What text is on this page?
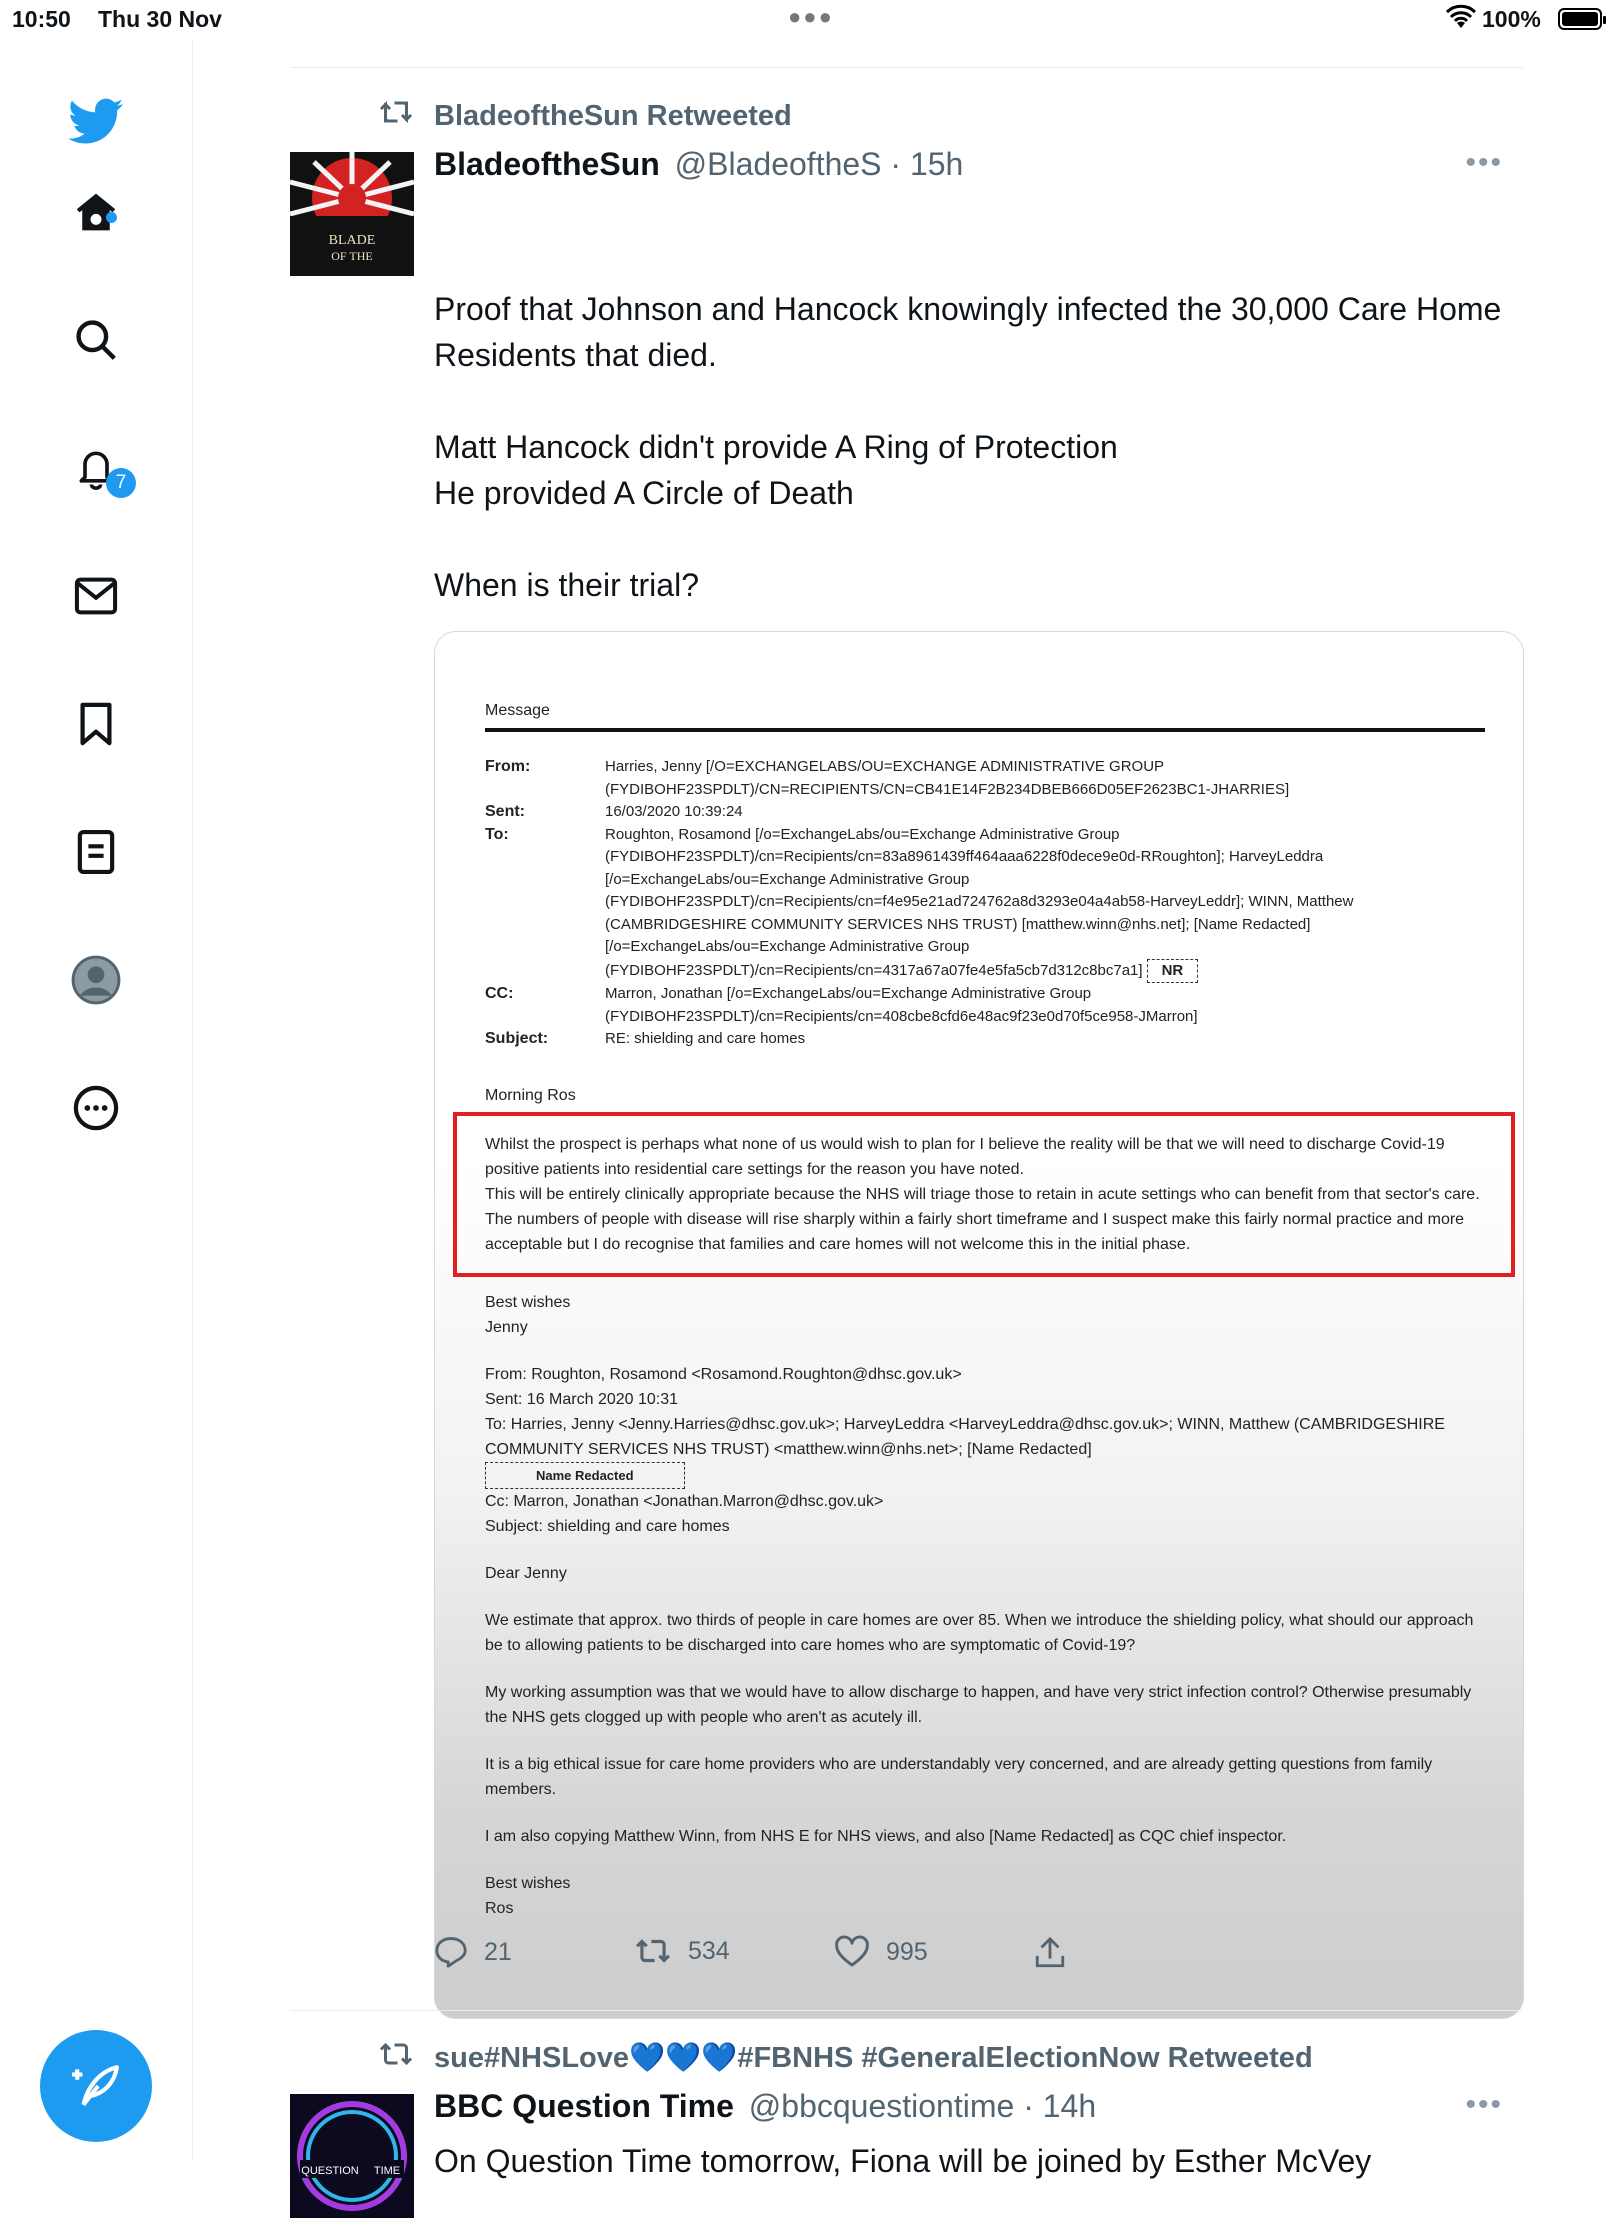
10:50 Thu 30 Nov	●●●	100%
7
BladeoftheSun Retweeted
BLADE
OF THE
BladeoftheSun @BladeoftheS · 15h	•••

Proof that Johnson and Hancock knowingly infected the 30,000 Care Home Residents that died.

Matt Hancock didn't provide A Ring of Protection

He provided A Circle of Death

When is their trial?

Message
From:	Harries, Jenny [/O=EXCHANGELABS/OU=EXCHANGE ADMINISTRATIVE GROUP (FYDIBOHF23SPDLT)/CN=RECIPIENTS/CN=CB41E14F2B234DBEB666D05EF2623BC1-JHARRIES]
Sent:	16/03/2020 10:39:24
To:	Roughton, Rosamond [/o=ExchangeLabs/ou=Exchange Administrative Group (FYDIBOHF23SPDLT)/cn=Recipients/cn=83a8961439ff464aaa6228f0dece9e0d-RRoughton]; HarveyLeddra [/o=ExchangeLabs/ou=Exchange Administrative Group (FYDIBOHF23SPDLT)/cn=Recipients/cn=f4e95e21ad724762a8d3293e04a4ab58-HarveyLeddr]; WINN, Matthew (CAMBRIDGESHIRE COMMUNITY SERVICES NHS TRUST) [matthew.winn@nhs.net]; [Name Redacted] [/o=ExchangeLabs/ou=Exchange Administrative Group (FYDIBOHF23SPDLT)/cn=Recipients/cn=4317a67a07fe4e5fa5cb7d312c8bc7a1] NR
CC:	Marron, Jonathan [/o=ExchangeLabs/ou=Exchange Administrative Group (FYDIBOHF23SPDLT)/cn=Recipients/cn=408cbe8cfd6e48ac9f23e0d70f5ce958-JMarron]
Subject:	RE: shielding and care homes
Morning Ros
Whilst the prospect is perhaps what none of us would wish to plan for I believe the reality will be that we will need to discharge Covid-19 positive patients into residential care settings for the reason you have noted.
This will be entirely clinically appropriate because the NHS will triage those to retain in acute settings who can benefit from that sector's care.
The numbers of people with disease will rise sharply within a fairly short timeframe and I suspect make this fairly normal practice and more acceptable but I do recognise that families and care homes will not welcome this in the initial phase.
Best wishes
Jenny
From: Roughton, Rosamond <Rosamond.Roughton@dhsc.gov.uk>
Sent: 16 March 2020 10:31
To: Harries, Jenny <Jenny.Harries@dhsc.gov.uk>; HarveyLeddra <HarveyLeddra@dhsc.gov.uk>; WINN, Matthew (CAMBRIDGESHIRE COMMUNITY SERVICES NHS TRUST) <matthew.winn@nhs.net>; [Name Redacted]
Name Redacted
Cc: Marron, Jonathan <Jonathan.Marron@dhsc.gov.uk>
Subject: shielding and care homes
Dear Jenny
We estimate that approx. two thirds of people in care homes are over 85. When we introduce the shielding policy, what should our approach be to allowing patients to be discharged into care homes who are symptomatic of Covid-19?
My working assumption was that we would have to allow discharge to happen, and have very strict infection control? Otherwise presumably the NHS gets clogged up with people who aren't as acutely ill.
It is a big ethical issue for care home providers who are understandably very concerned, and are already getting questions from family members.
I am also copying Matthew Winn, from NHS E for NHS views, and also [Name Redacted] as CQC chief inspector.
Best wishes
Ros
21	534	995
sue#NHSLove💙💙💙#FBNHS #GeneralElectionNow Retweeted
QUESTION TIME
BBC Question Time @bbcquestiontime · 14h	•••

On Question Time tomorrow, Fiona will be joined by Esther McVey
